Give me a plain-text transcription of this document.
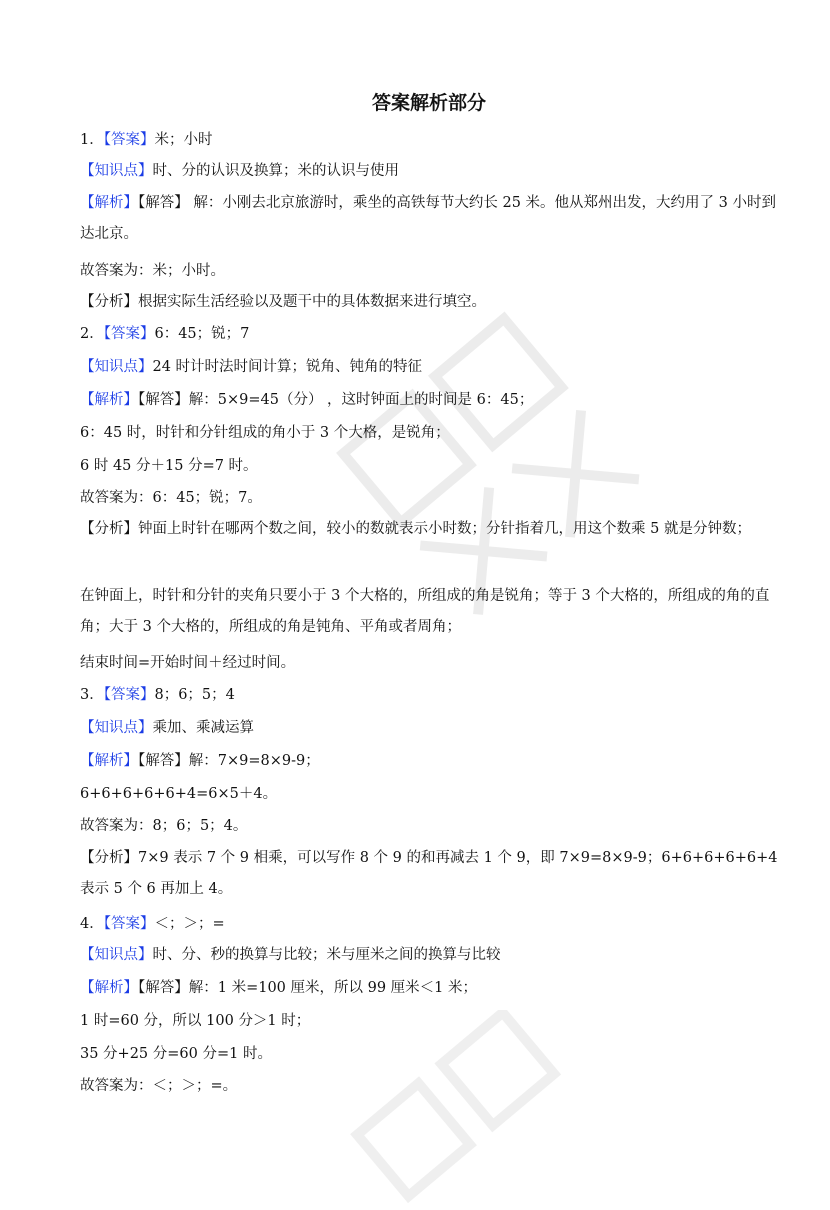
答案解析部分
1．【答案】米；小时
【知识点】时、分的认识及换算；米的认识与使用
【解析】【解答】 解：小刚去北京旅游时，乘坐的高铁每节大约长 25 米。他从郑州出发，大约用了 3 小时到达北京。
故答案为：米；小时。
【分析】根据实际生活经验以及题干中的具体数据来进行填空。
2．【答案】6：45；锐；7
【知识点】24 时计时法时间计算；锐角、钝角的特征
【解析】【解答】解：5×9=45（分） ，这时钟面上的时间是 6：45；
6：45 时，时针和分针组成的角小于 3 个大格，是锐角；
6 时 45 分＋15 分=7 时。
故答案为：6：45；锐；7。
【分析】钟面上时针在哪两个数之间，较小的数就表示小时数；分针指着几，用这个数乘 5 就是分钟数；
在钟面上，时针和分针的夹角只要小于 3 个大格的，所组成的角是锐角；等于 3 个大格的，所组成的角的直角；大于 3 个大格的，所组成的角是钝角、平角或者周角；
结束时间=开始时间＋经过时间。
3．【答案】8；6；5；4
【知识点】乘加、乘减运算
【解析】【解答】解：7×9=8×9-9；
6+6+6+6+6+4=6×5＋4。
故答案为：8；6；5；4。
【分析】7×9 表示 7 个 9 相乘，可以写作 8 个 9 的和再减去 1 个 9，即 7×9=8×9-9；6+6+6+6+6+4 表示 5 个 6 再加上 4。
4．【答案】＜；＞；=
【知识点】时、分、秒的换算与比较；米与厘米之间的换算与比较
【解析】【解答】解：1 米=100 厘米，所以 99 厘米＜1 米；
1 时=60 分，所以 100 分＞1 时；
35 分+25 分=60 分=1 时。
故答案为：＜；＞；=。
